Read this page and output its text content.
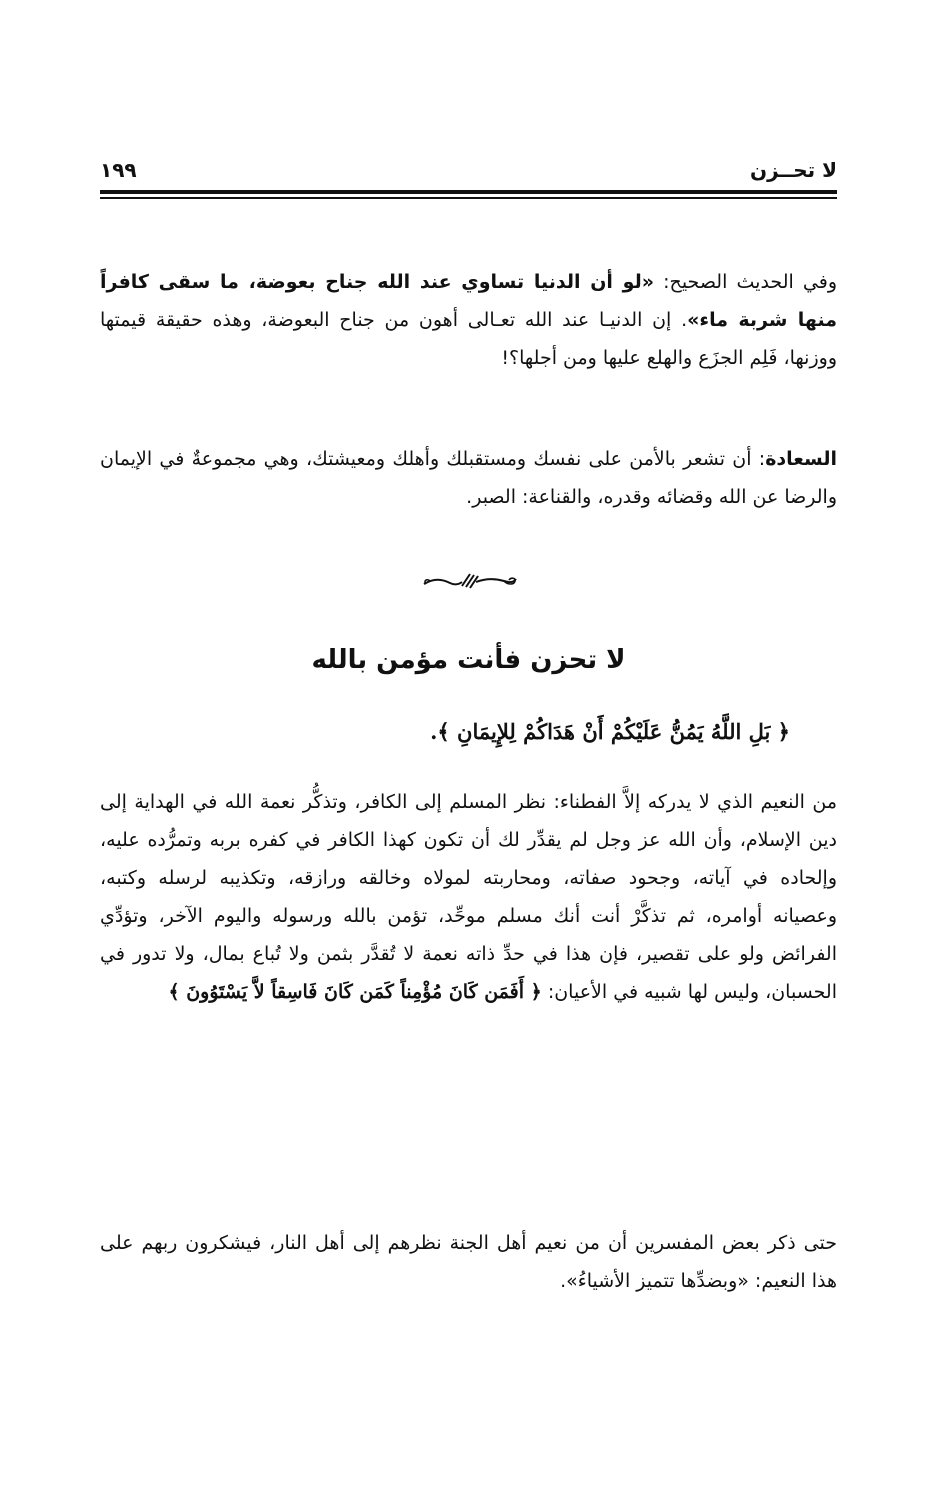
لا تحــزن
١٩٩

وفي الحديث الصحيح: «لو أن الدنيا تساوي عند الله جناح بعوضة، ما سقى كافراً منها شربة ماء». إن الدنيـا عند الله تعـالى أهون من جناح البعوضة، وهذه حقيقة قيمتها ووزنها، فَلِم الجزَع والهلع عليها ومن أجلها؟!

السعادة: أن تشعر بالأمن على نفسك ومستقبلك وأهلك ومعيشتك، وهي مجموعةٌ في الإيمان والرضا عن الله وقضائه وقدره، والقناعة: الصبر.

لا تحزن فأنت مؤمن بالله
﴿ بَلِ اللَّهُ يَمُنُّ عَلَيْكُمْ أَنْ هَدَاكُمْ لِلإِيمَانِ ﴾.

من النعيم الذي لا يدركه إلاَّ الفطناء: نظر المسلم إلى الكافر، وتذكُّر نعمة الله في الهداية إلى دين الإسلام، وأن الله عز وجل لم يقدِّر لك أن تكون كهذا الكافر في كفره بربه وتمرُّده عليه، وإلحاده في آياته، وجحود صفاته، ومحاربته لمولاه وخالقه ورازقه، وتكذيبه لرسله وكتبه، وعصيانه أوامره، ثم تذكَّرْ أنت أنك مسلم موحِّد، تؤمن بالله ورسوله واليوم الآخر، وتؤدِّي الفرائض ولو على تقصير، فإن هذا في حدِّ ذاته نعمة لا تُقدَّر بثمن ولا تُباع بمال، ولا تدور في الحسبان، وليس لها شبيه في الأعيان: ﴿ أَفَمَن كَانَ مُؤْمِناً كَمَن كَانَ فَاسِقاً لاَّ يَسْتَوُونَ ﴾

حتى ذكر بعض المفسرين أن من نعيم أهل الجنة نظرهم إلى أهل النار، فيشكرون ربهم على هذا النعيم: «وبضدِّها تتميز الأشياءُ».
